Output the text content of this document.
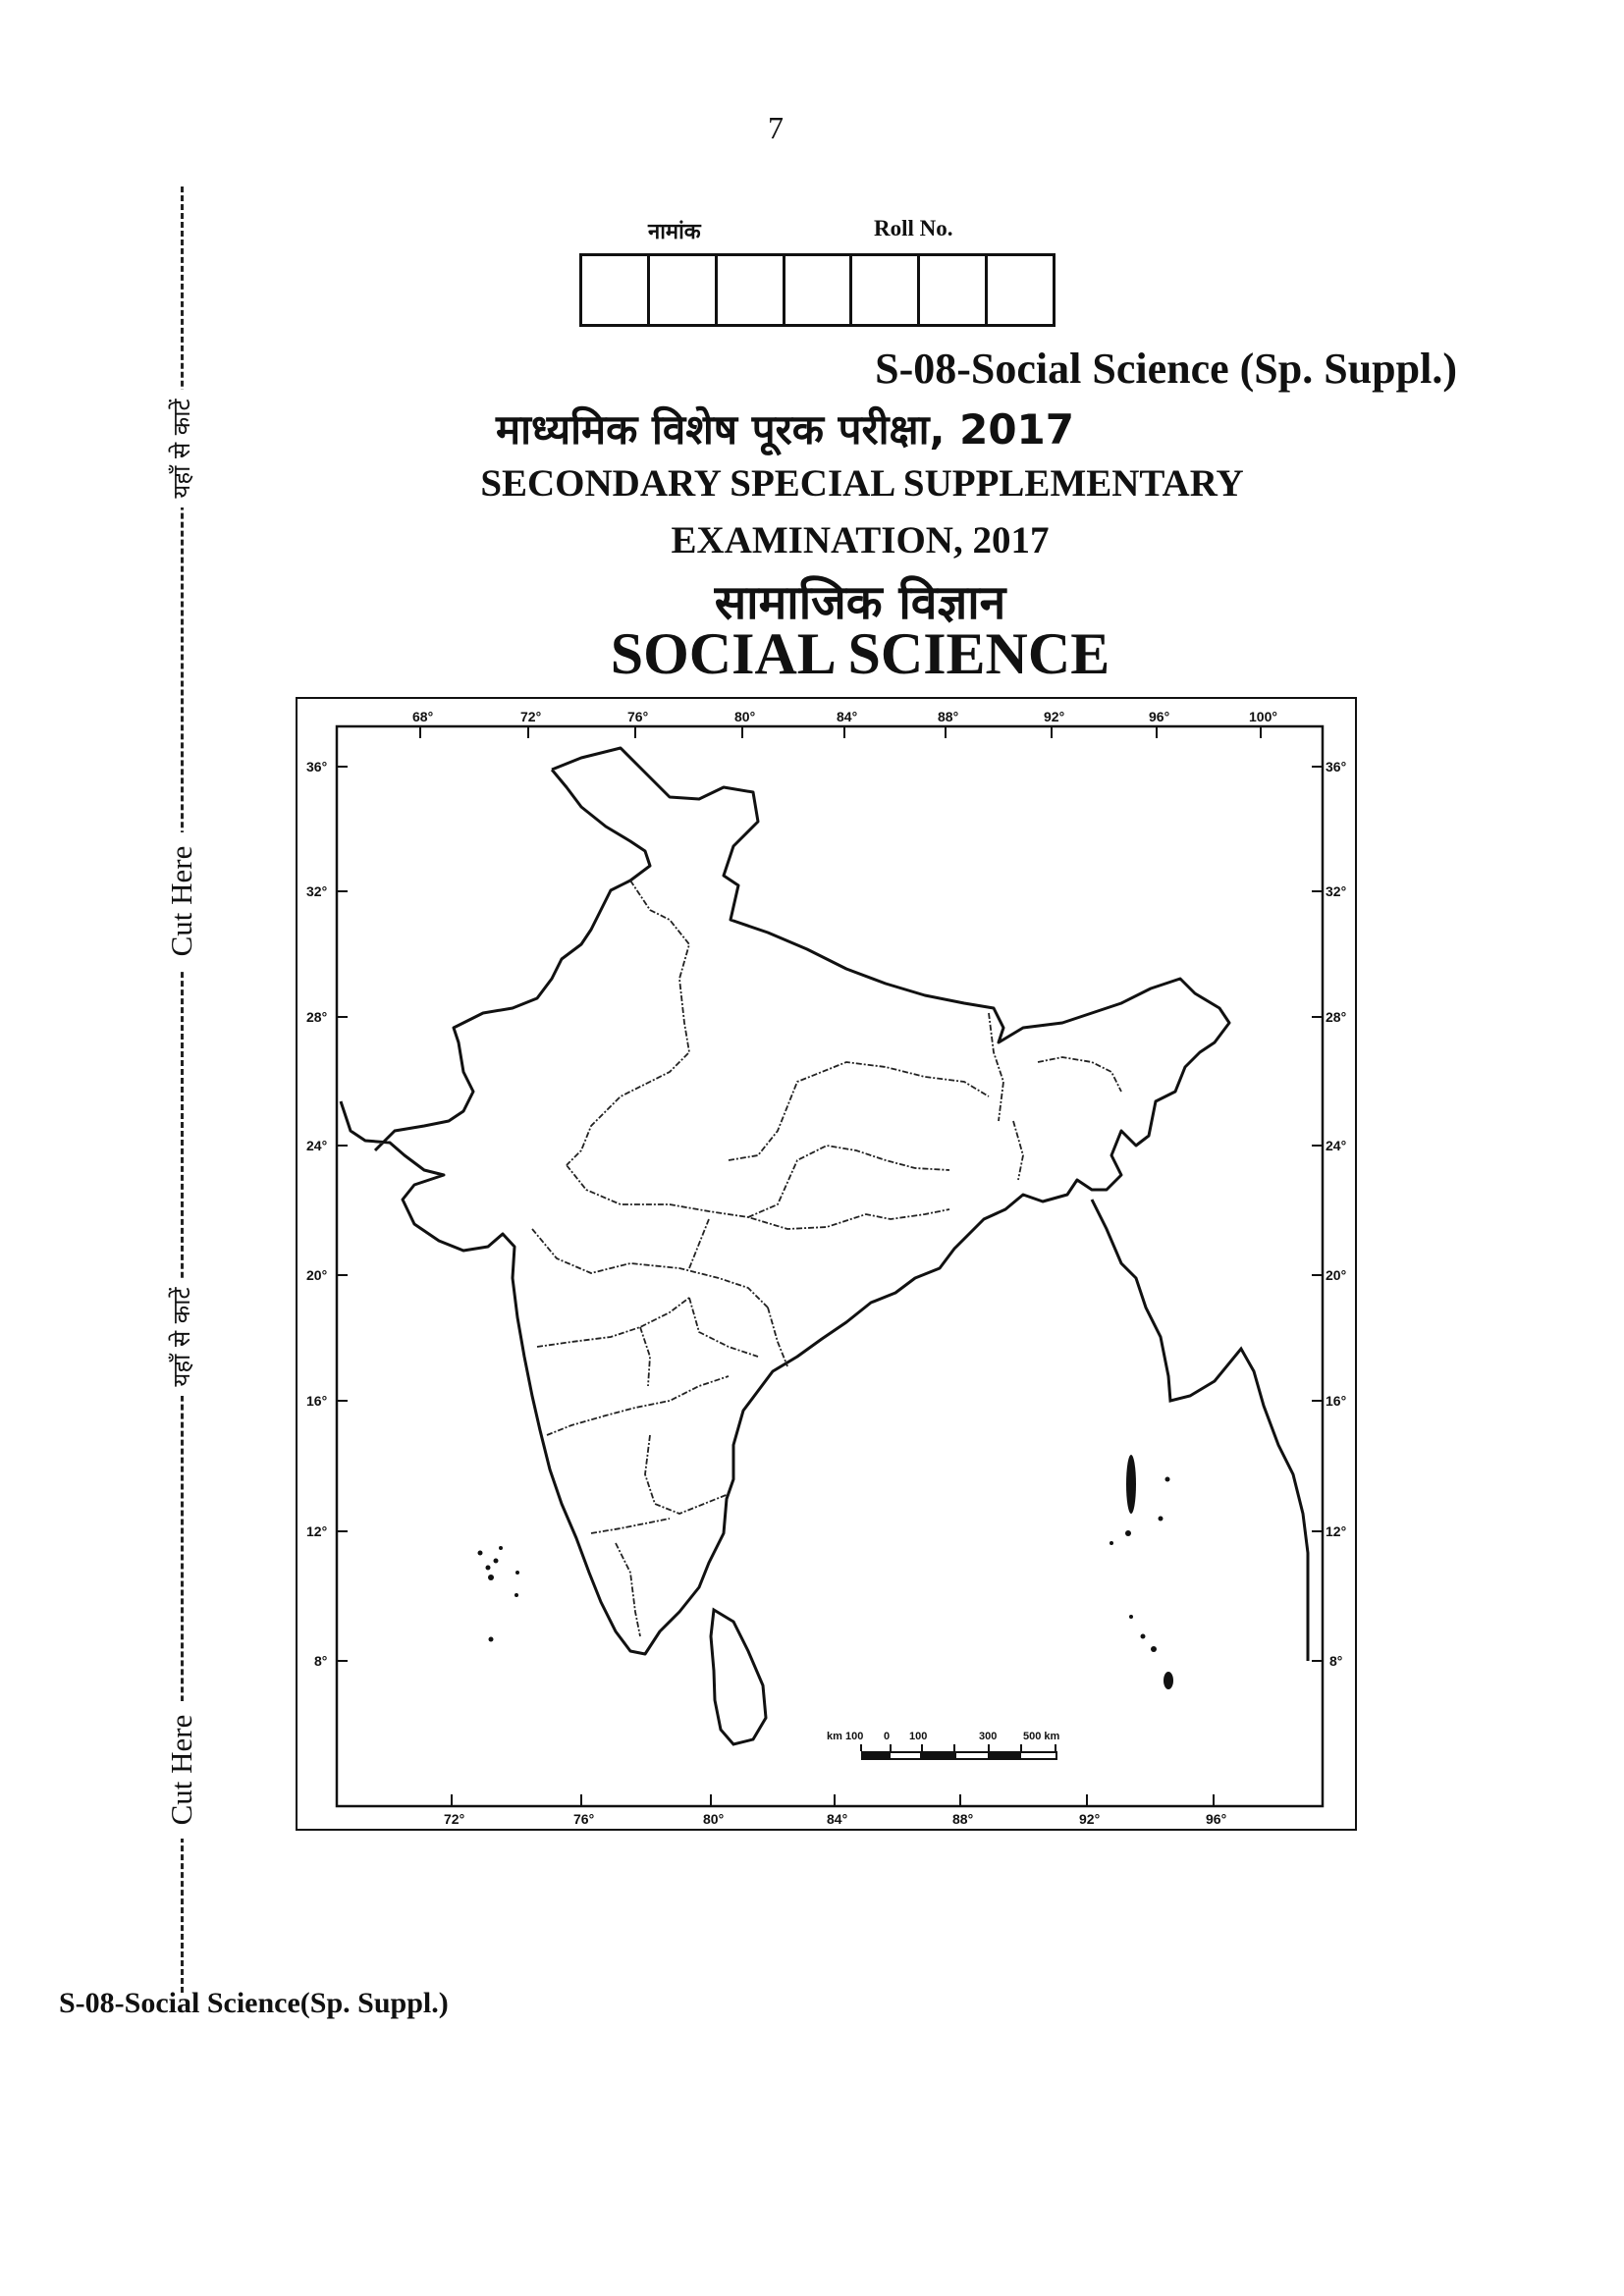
7
नामांक	Roll No.
S-08-Social Science (Sp. Suppl.)
माध्यमिक विशेष पूरक परीक्षा, 2017
SECONDARY SPECIAL SUPPLEMENTARY
EXAMINATION, 2017
सामाजिक विज्ञान
SOCIAL SCIENCE
यहाँ से काटें
Cut Here
यहाँ से काटें
Cut Here
68°	72°	76°	80°	84°	88°	92°	96°	100°
72°	76°	80°	84°	88°	92°	96°
36°
32°
28°
24°
20°
16°
12°
8°
36°
32°
28°
24°
20°
16°
12°
8°
km 100 0 100	300 500 km
S-08-Social Science(Sp. Suppl.)
